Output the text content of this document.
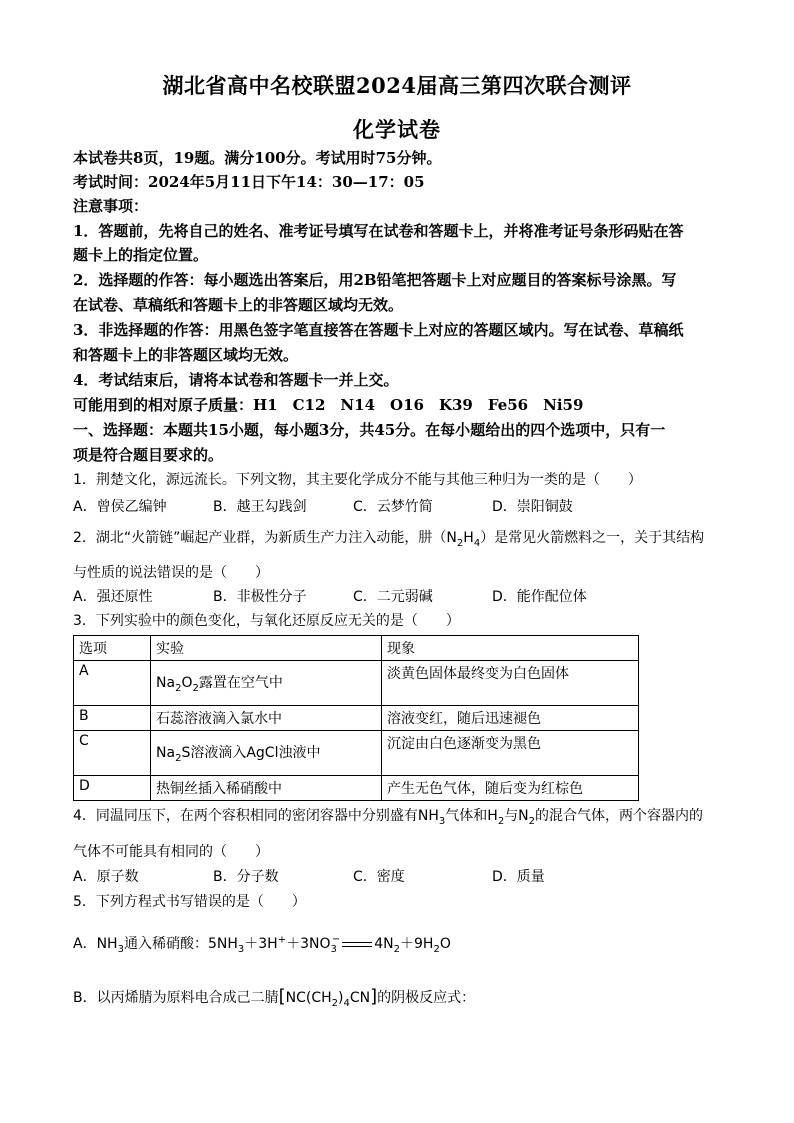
湖北省高中名校联盟2024届高三第四次联合测评
化学试卷
本试卷共8页，19题。满分100分。考试用时75分钟。
考试时间：2024年5月11日下午14：30—17：05
注意事项：
1．答题前，先将自己的姓名、准考证号填写在试卷和答题卡上，并将准考证号条形码贴在答
题卡上的指定位置。
2．选择题的作答：每小题选出答案后，用2B铅笔把答题卡上对应题目的答案标号涂黑。写
在试卷、草稿纸和答题卡上的非答题区域均无效。
3．非选择题的作答：用黑色签字笔直接答在答题卡上对应的答题区域内。写在试卷、草稿纸
和答题卡上的非答题区域均无效。
4．考试结束后，请将本试卷和答题卡一并上交。
可能用到的相对原子质量：H1　C12　N14　O16　K39　Fe56　Ni59
一、选择题：本题共15小题，每小题3分，共45分。在每小题给出的四个选项中，只有一
项是符合题目要求的。
1．荆楚文化，源远流长。下列文物，其主要化学成分不能与其他三种归为一类的是（　　）
A．曾侯乙编钟	B．越王勾践剑	C．云梦竹简	D．崇阳铜鼓
2．湖北“火箭链”崛起产业群，为新质生产力注入动能，肼$(N_2H_4)$是常见火箭燃料之一，关于其结构
与性质的说法错误的是（　　）
A．强还原性	B．非极性分子	C．二元弱碱	D．能作配位体
3．下列实验中的颜色变化，与氧化还原反应无关的是（　　）
选项	实验	现象
A	$Na_2O_2$露置在空气中	淡黄色固体最终变为白色固体
B	石蕊溶液滴入氯水中	溶液变红，随后迅速褪色
C	$Na_2S$溶液滴入AgCl浊液中	沉淀由白色逐渐变为黑色
D	热铜丝插入稀硝酸中	产生无色气体，随后变为红棕色
4．同温同压下，在两个容积相同的密闭容器中分别盛有$NH_3$气体和$H_2$与$N_2$的混合气体，两个容器内的
气体不可能具有相同的（　　）
A．原子数	B．分子数	C．密度	D．质量
5．下列方程式书写错误的是（　　）
A．$NH_3$通入稀硝酸：$5NH_3+3H^++3NO_3^-$ $4N_2+9H_2O$
B．以丙烯腈为原料电合成己二腈$[NC(CH_2)_4CN]$的阴极反应式：
